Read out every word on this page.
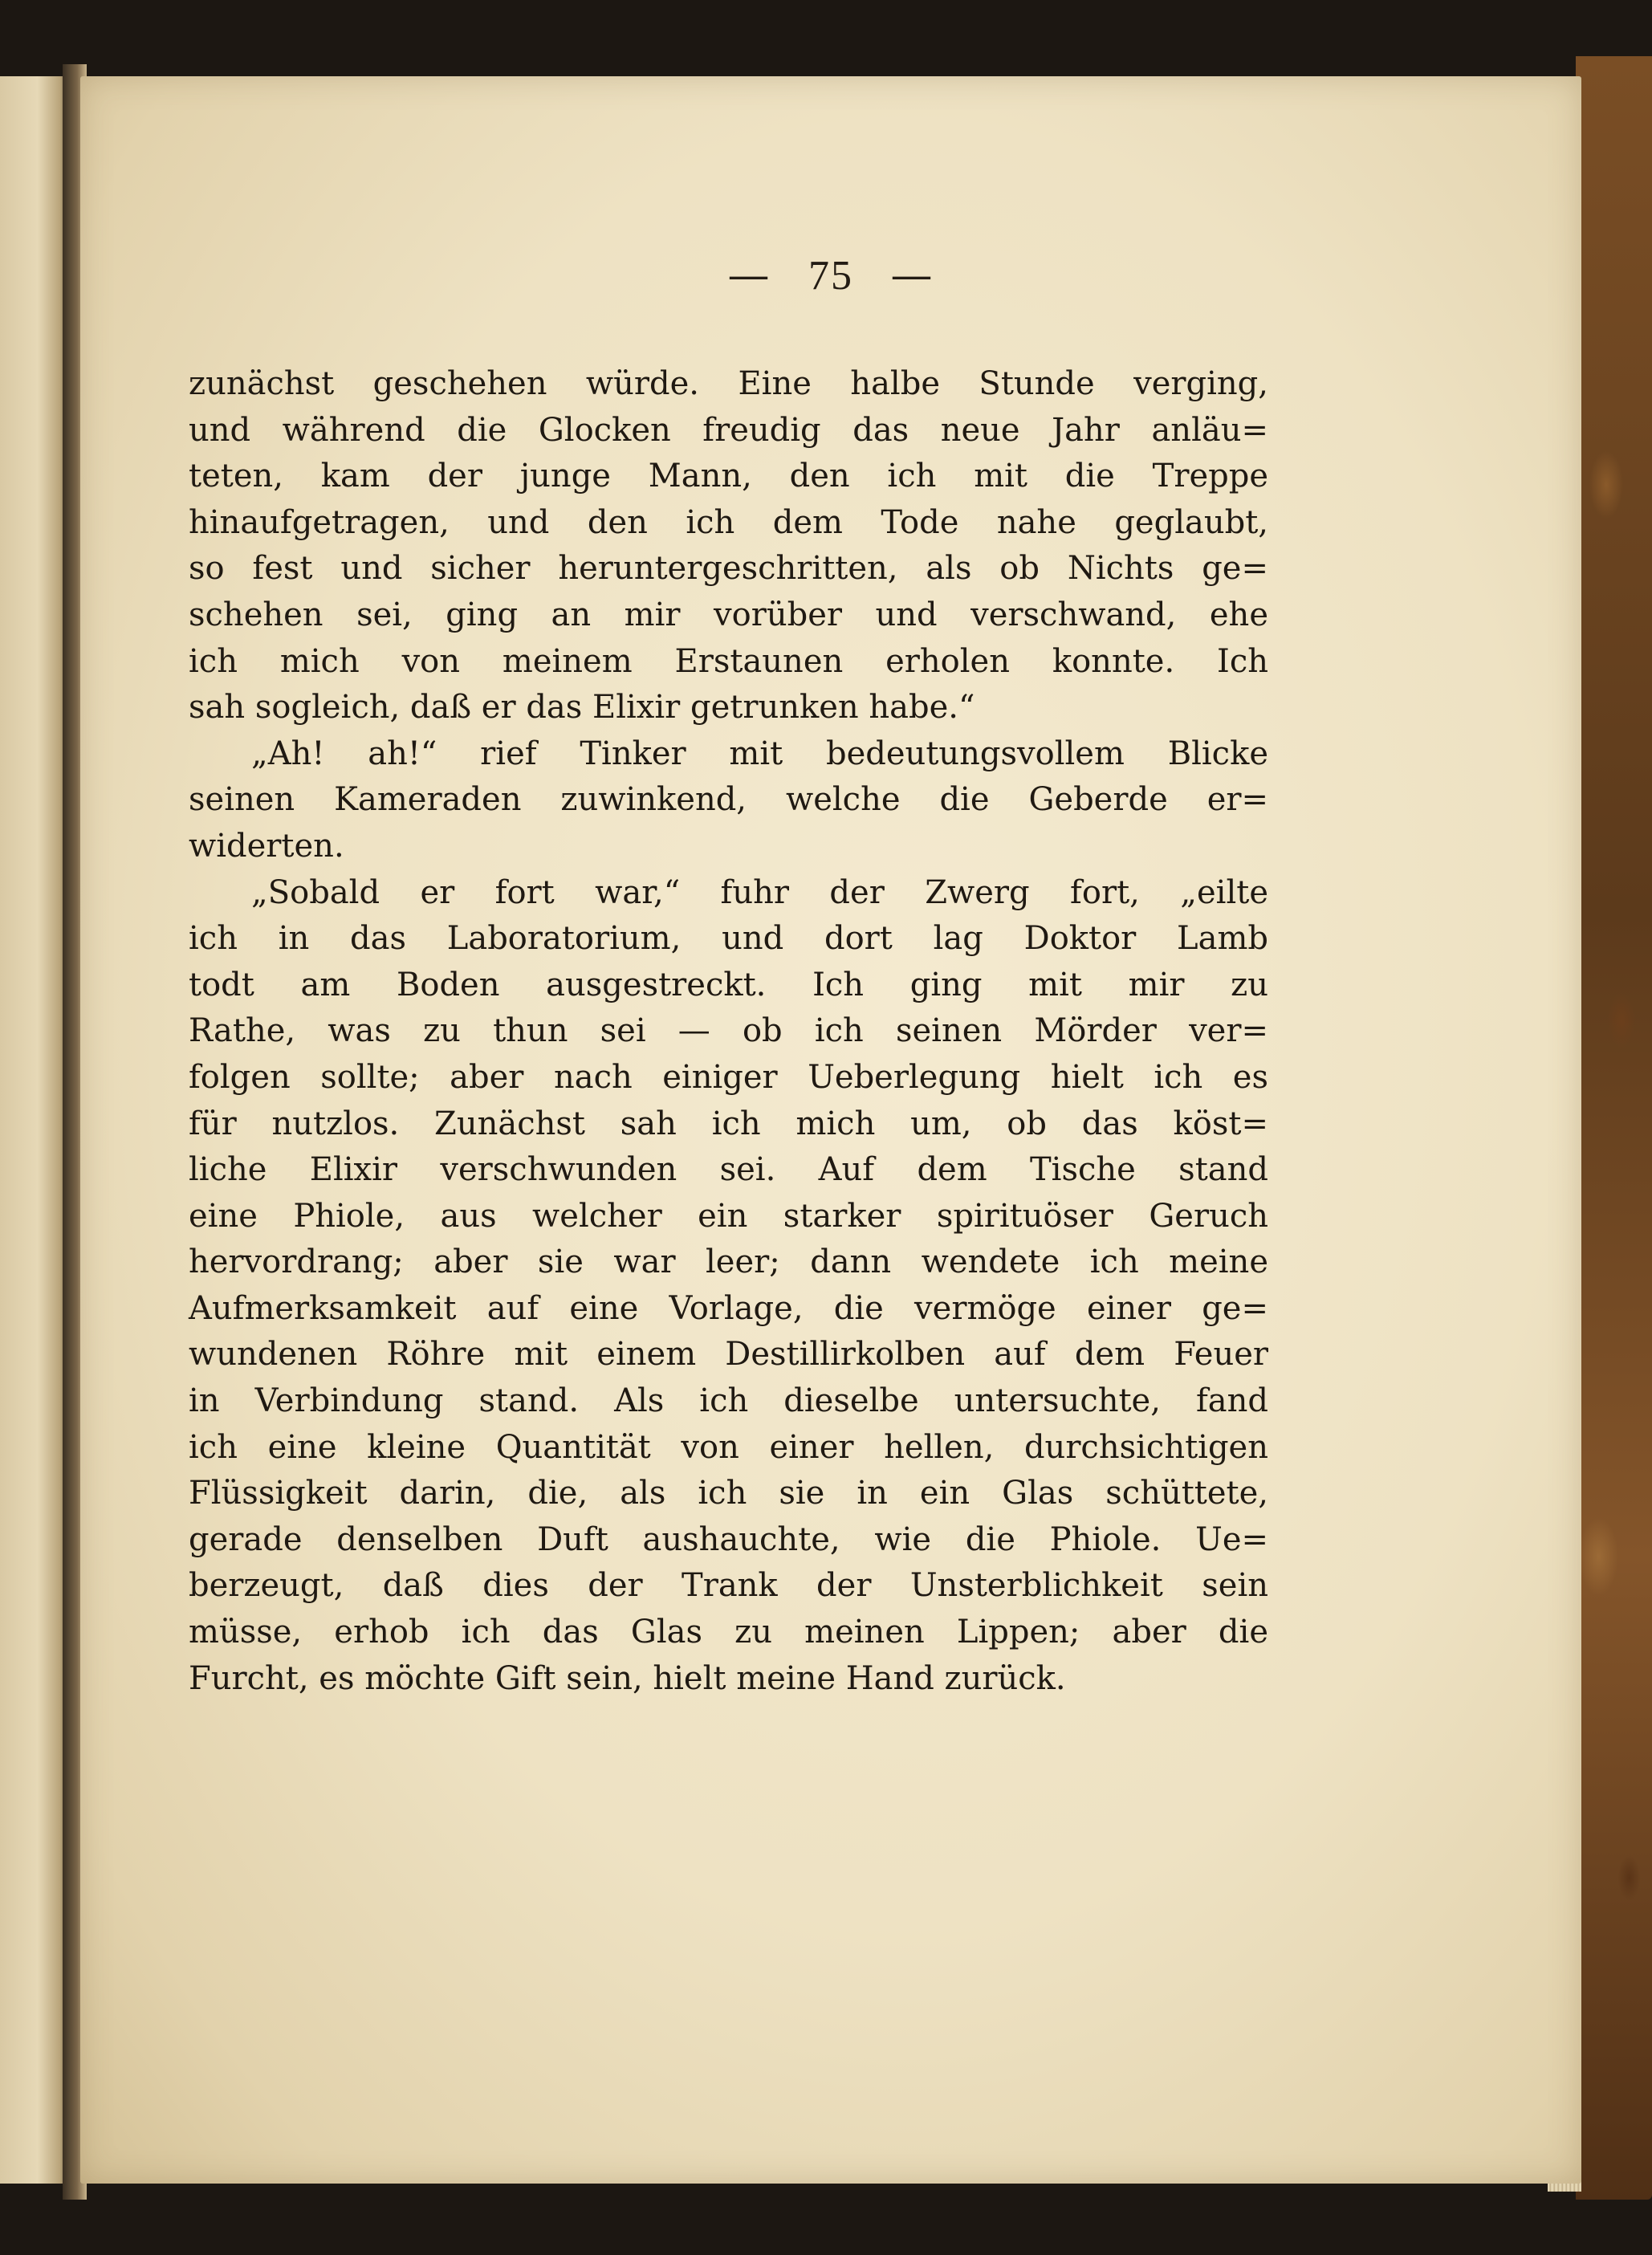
— 75 —
zunächst geschehen würde. Eine halbe Stunde verging,
und während die Glocken freudig das neue Jahr anläu=
teten, kam der junge Mann, den ich mit die Treppe
hinaufgetragen, und den ich dem Tode nahe geglaubt,
so fest und sicher heruntergeschritten, als ob Nichts ge=
schehen sei, ging an mir vorüber und verschwand, ehe
ich mich von meinem Erstaunen erholen konnte. Ich
sah sogleich, daß er das Elixir getrunken habe.“
„Ah! ah!“ rief Tinker mit bedeutungsvollem Blicke
seinen Kameraden zuwinkend, welche die Geberde er=
widerten.
„Sobald er fort war,“ fuhr der Zwerg fort, „eilte
ich in das Laboratorium, und dort lag Doktor Lamb
todt am Boden ausgestreckt. Ich ging mit mir zu
Rathe, was zu thun sei — ob ich seinen Mörder ver=
folgen sollte; aber nach einiger Ueberlegung hielt ich es
für nutzlos. Zunächst sah ich mich um, ob das köst=
liche Elixir verschwunden sei. Auf dem Tische stand
eine Phiole, aus welcher ein starker spirituöser Geruch
hervordrang; aber sie war leer; dann wendete ich meine
Aufmerksamkeit auf eine Vorlage, die vermöge einer ge=
wundenen Röhre mit einem Destillirkolben auf dem Feuer
in Verbindung stand. Als ich dieselbe untersuchte, fand
ich eine kleine Quantität von einer hellen, durchsichtigen
Flüssigkeit darin, die, als ich sie in ein Glas schüttete,
gerade denselben Duft aushauchte, wie die Phiole. Ue=
berzeugt, daß dies der Trank der Unsterblichkeit sein
müsse, erhob ich das Glas zu meinen Lippen; aber die
Furcht, es möchte Gift sein, hielt meine Hand zurück.
